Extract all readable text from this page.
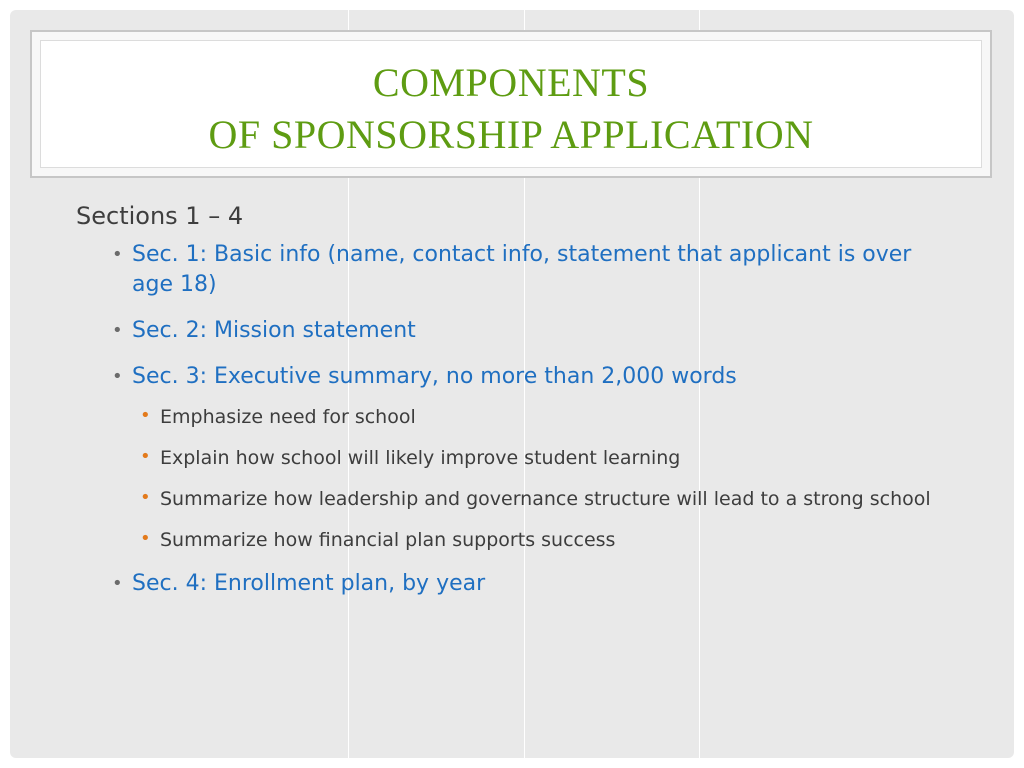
COMPONENTS
OF SPONSORSHIP APPLICATION
Sections 1 – 4
• Sec. 1: Basic info (name, contact info, statement that applicant is over age 18)
• Sec. 2: Mission statement
• Sec. 3: Executive summary, no more than 2,000 words
• Emphasize need for school
• Explain how school will likely improve student learning
• Summarize how leadership and governance structure will lead to a strong school
• Summarize how financial plan supports success
• Sec. 4: Enrollment plan, by year
